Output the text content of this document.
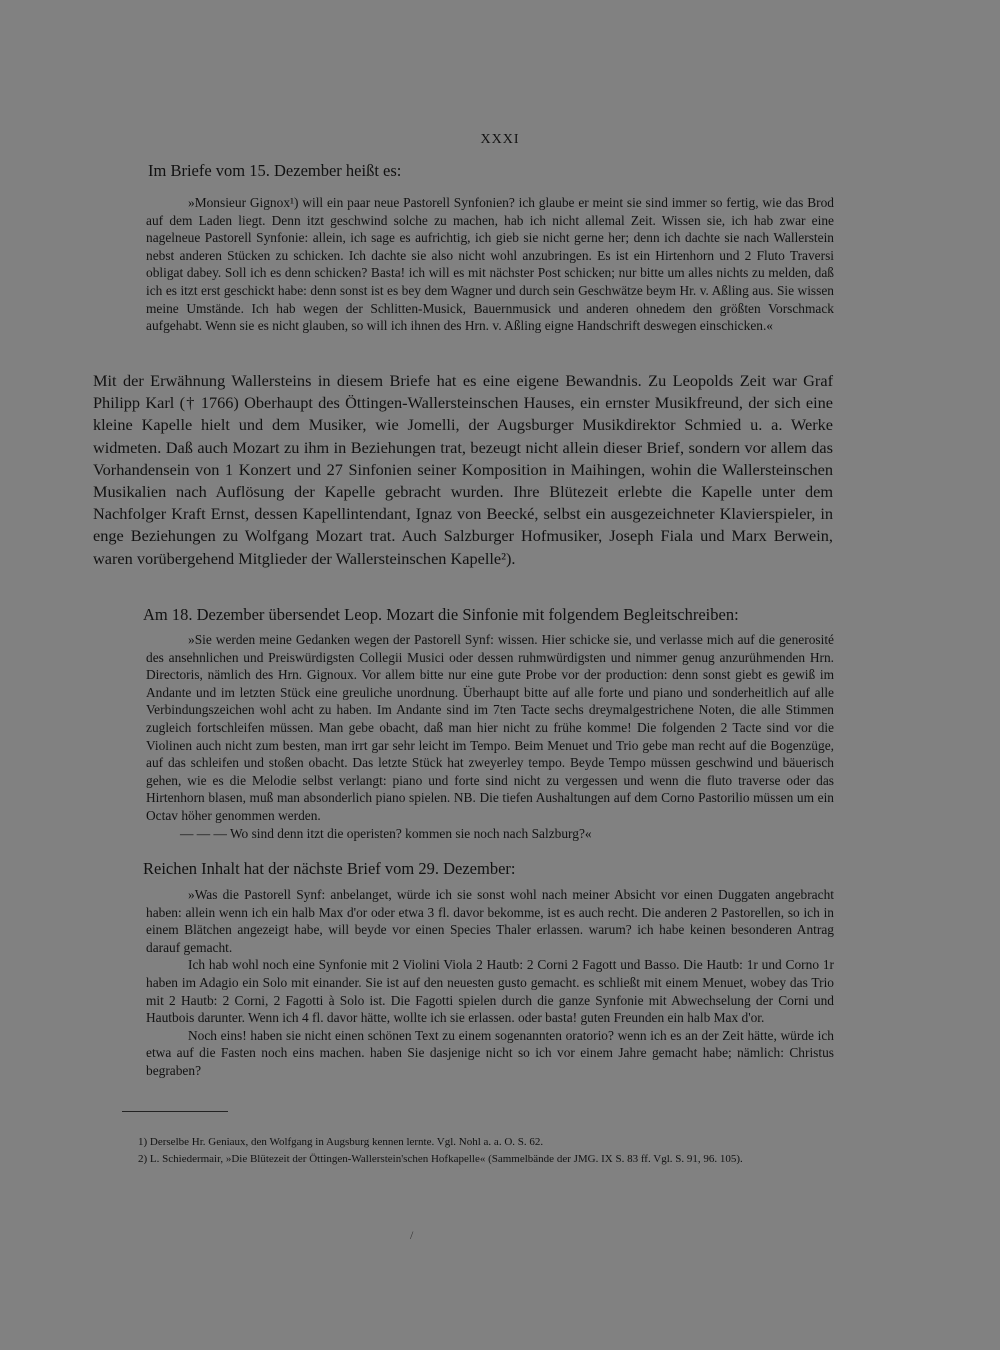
XXXI

Im Briefe vom 15. Dezember heißt es:

»Monsieur Gignox¹) will ein paar neue Pastorell Synfonien? ich glaube er meint sie sind immer so fertig, wie das Brod auf dem Laden liegt. Denn itzt geschwind solche zu machen, hab ich nicht allemal Zeit. Wissen sie, ich hab zwar eine nagelneue Pastorell Synfonie: allein, ich sage es aufrichtig, ich gieb sie nicht gerne her; denn ich dachte sie nach Wallerstein nebst anderen Stücken zu schicken. Ich dachte sie also nicht wohl anzubringen. Es ist ein Hirtenhorn und 2 Fluto Traversi obligat dabey. Soll ich es denn schicken? Basta! ich will es mit nächster Post schicken; nur bitte um alles nichts zu melden, daß ich es itzt erst geschickt habe: denn sonst ist es bey dem Wagner und durch sein Geschwätze beym Hr. v. Aßling aus. Sie wissen meine Umstände. Ich hab wegen der Schlitten-Musick, Bauernmusick und anderen ohnedem den größten Vorschmack aufgehabt. Wenn sie es nicht glauben, so will ich ihnen des Hrn. v. Aßling eigne Handschrift deswegen einschicken.«

Mit der Erwähnung Wallersteins in diesem Briefe hat es eine eigene Bewandnis. Zu Leopolds Zeit war Graf Philipp Karl († 1766) Oberhaupt des Öttingen-Wallersteinschen Hauses, ein ernster Musikfreund, der sich eine kleine Kapelle hielt und dem Musiker, wie Jomelli, der Augsburger Musikdirektor Schmied u. a. Werke widmeten. Daß auch Mozart zu ihm in Beziehungen trat, bezeugt nicht allein dieser Brief, sondern vor allem das Vorhandensein von 1 Konzert und 27 Sinfonien seiner Komposition in Maihingen, wohin die Wallersteinschen Musikalien nach Auflösung der Kapelle gebracht wurden. Ihre Blütezeit erlebte die Kapelle unter dem Nachfolger Kraft Ernst, dessen Kapellintendant, Ignaz von Beecké, selbst ein ausgezeichneter Klavierspieler, in enge Beziehungen zu Wolfgang Mozart trat. Auch Salzburger Hofmusiker, Joseph Fiala und Marx Berwein, waren vorübergehend Mitglieder der Wallersteinschen Kapelle²).

Am 18. Dezember übersendet Leop. Mozart die Sinfonie mit folgendem Begleitschreiben:

»Sie werden meine Gedanken wegen der Pastorell Synf: wissen. Hier schicke sie, und verlasse mich auf die generosité des ansehnlichen und Preiswürdigsten Collegii Musici oder dessen ruhmwürdigsten und nimmer genug anzurühmenden Hrn. Directoris, nämlich des Hrn. Gignoux. Vor allem bitte nur eine gute Probe vor der production: denn sonst giebt es gewiß im Andante und im letzten Stück eine greuliche unordnung. Überhaupt bitte auf alle forte und piano und sonderheitlich auf alle Verbindungszeichen wohl acht zu haben. Im Andante sind im 7ten Tacte sechs dreymalgestrichene Noten, die alle Stimmen zugleich fortschleifen müssen. Man gebe obacht, daß man hier nicht zu frühe komme! Die folgenden 2 Tacte sind vor die Violinen auch nicht zum besten, man irrt gar sehr leicht im Tempo. Beim Menuet und Trio gebe man recht auf die Bogenzüge, auf das schleifen und stoßen obacht. Das letzte Stück hat zweyerley tempo. Beyde Tempo müssen geschwind und bäuerisch gehen, wie es die Melodie selbst verlangt: piano und forte sind nicht zu vergessen und wenn die fluto traverse oder das Hirtenhorn blasen, muß man absonderlich piano spielen. NB. Die tiefen Aushaltungen auf dem Corno Pastorilio müssen um ein Octav höher genommen werden.

— — — Wo sind denn itzt die operisten? kommen sie noch nach Salzburg?«

Reichen Inhalt hat der nächste Brief vom 29. Dezember:

»Was die Pastorell Synf: anbelanget, würde ich sie sonst wohl nach meiner Absicht vor einen Duggaten angebracht haben: allein wenn ich ein halb Max d'or oder etwa 3 fl. davor bekomme, ist es auch recht. Die anderen 2 Pastorellen, so ich in einem Blätchen angezeigt habe, will beyde vor einen Species Thaler erlassen. warum? ich habe keinen besonderen Antrag darauf gemacht.

Ich hab wohl noch eine Synfonie mit 2 Violini Viola 2 Hautb: 2 Corni 2 Fagott und Basso. Die Hautb: 1r und Corno 1r haben im Adagio ein Solo mit einander. Sie ist auf den neuesten gusto gemacht. es schließt mit einem Menuet, wobey das Trio mit 2 Hautb: 2 Corni, 2 Fagotti à Solo ist. Die Fagotti spielen durch die ganze Synfonie mit Abwechselung der Corni und Hautbois darunter. Wenn ich 4 fl. davor hätte, wollte ich sie erlassen. oder basta! guten Freunden ein halb Max d'or.

Noch eins! haben sie nicht einen schönen Text zu einem sogenannten oratorio? wenn ich es an der Zeit hätte, würde ich etwa auf die Fasten noch eins machen. haben Sie dasjenige nicht so ich vor einem Jahre gemacht habe; nämlich: Christus begraben?

1) Derselbe Hr. Geniaux, den Wolfgang in Augsburg kennen lernte. Vgl. Nohl a. a. O. S. 62.
2) L. Schiedermair, »Die Blütezeit der Öttingen-Wallerstein'schen Hofkapelle« (Sammelbände der JMG. IX S. 83 ff. Vgl. S. 91, 96. 105).
/
